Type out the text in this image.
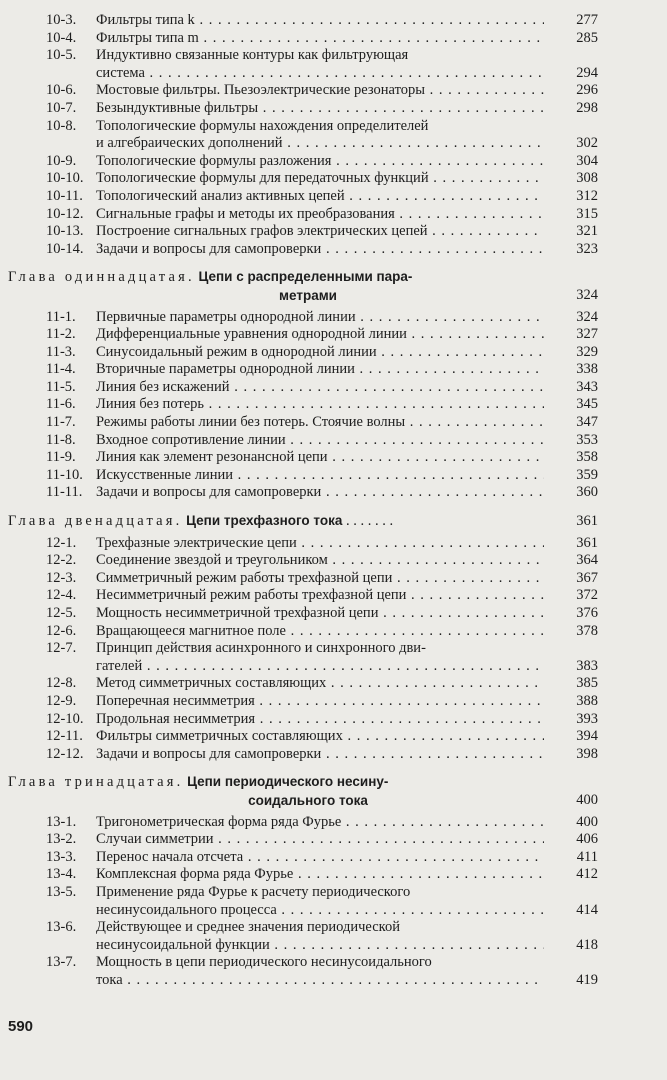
10-3.	Фильтры типа k . . .	277
10-4.	Фильтры типа m . . .	285
10-5.	Индуктивно связанные контуры как фильтрующая
система . . .	294
10-6.	Мостовые фильтры. Пьезоэлектрические резонаторы . . .	296
10-7.	Безындуктивные фильтры . . .	298
10-8.	Топологические формулы нахождения определителей
и алгебраических дополнений . . .	302
10-9.	Топологические формулы разложения . . .	304
10-10. Топологические формулы для передаточных функций . . .	308
10-11. Топологический анализ активных цепей . . .	312
10-12. Сигнальные графы и методы их преобразования . . .	315
10-13. Построение сигнальных графов электрических цепей . . .	321
10-14. Задачи и вопросы для самопроверки . . .	323
Глава одиннадцатая. Цепи с распределенными пара-
метрами	324
11-1.	Первичные параметры однородной линии . . .	324
11-2.	Дифференциальные уравнения однородной линии . . .	327
11-3.	Синусоидальный режим в однородной линии . . .	329
11-4.	Вторичные параметры однородной линии . . .	338
11-5.	Линия без искажений . . .	343
11-6.	Линия без потерь . . .	345
11-7.	Режимы работы линии без потерь. Стоячие волны . . .	347
11-8.	Входное сопротивление линии . . .	353
11-9.	Линия как элемент резонансной цепи . . .	358
11-10. Искусственные линии . . .	359
11-11. Задачи и вопросы для самопроверки . . .	360
Глава двенадцатая. Цепи трехфазного тока . . . . . . .	361
12-1.	Трехфазные электрические цепи . . .	361
12-2.	Соединение звездой и треугольником . . .	364
12-3.	Симметричный режим работы трехфазной цепи . . .	367
12-4.	Несимметричный режим работы трехфазной цепи . . .	372
12-5.	Мощность несимметричной трехфазной цепи . . .	376
12-6.	Вращающееся магнитное поле . . .	378
12-7.	Принцип действия асинхронного и синхронного дви-
гателей . . .	383
12-8.	Метод симметричных составляющих . . .	385
12-9.	Поперечная несимметрия . . .	388
12-10. Продольная несимметрия . . .	393
12-11. Фильтры симметричных составляющих . . .	394
12-12. Задачи и вопросы для самопроверки . . .	398
Глава тринадцатая. Цепи периодического несину-
соидального тока	400
13-1.	Тригонометрическая форма ряда Фурье . . .	400
13-2.	Случаи симметрии . . .	406
13-3.	Перенос начала отсчета . . .	411
13-4.	Комплексная форма ряда Фурье . . .	412
13-5.	Применение ряда Фурье к расчету периодического
несинусоидального процесса . . .	414
13-6.	Действующее и среднее значения периодической
несинусоидальной функции . . .	418
13-7.	Мощность в цепи периодического несинусоидального
тока . . .	419
590
